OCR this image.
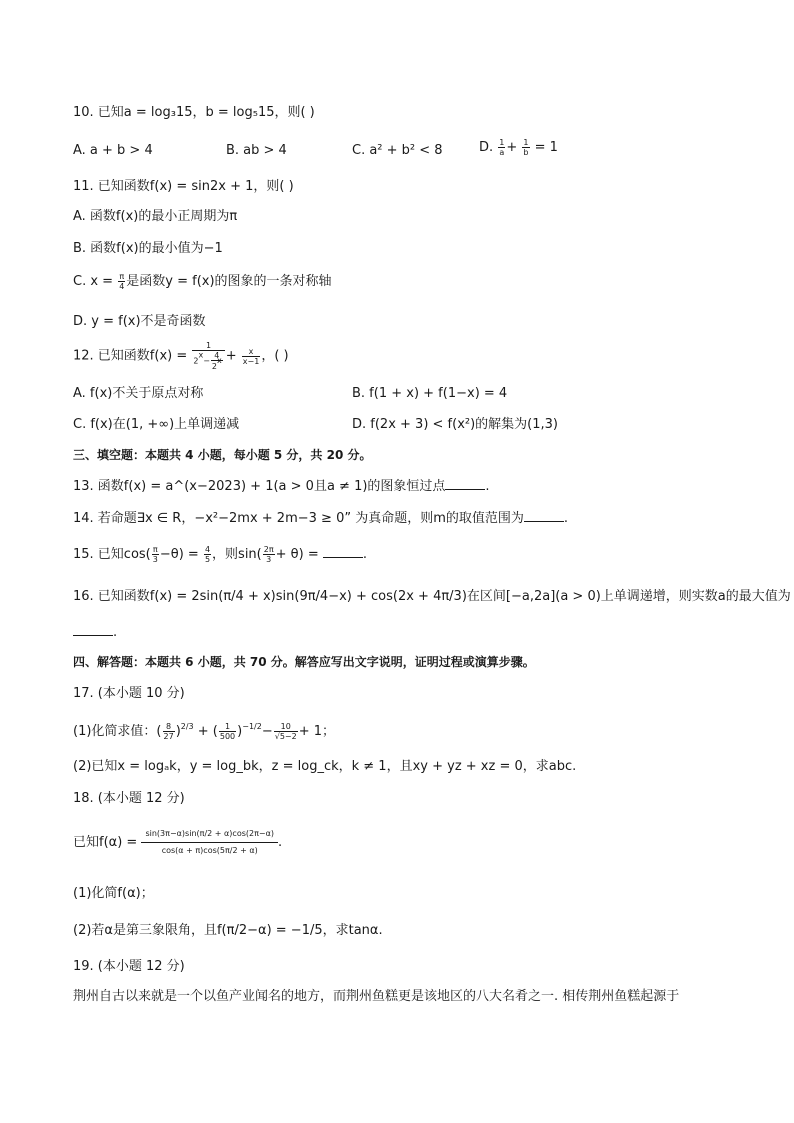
10. 已知a = log₃15，b = log₅15，则( )
A. a + b > 4	B. ab > 4	C. a² + b² < 8	D. $\frac{1}{a} + \frac{1}{b} = 1$
11. 已知函数f(x) = sin2x + 1，则( )
A. 函数f(x)的最小正周期为π
B. 函数f(x)的最小值为−1
C. $x = \frac{\pi}{4}$ 是函数y = f(x)的图象的一条对称轴
D. y = f(x)不是奇函数
12. 已知函数$f(x) = \frac{1}{2^x- \frac{4}{2^x}} + \frac{x}{x-1}$ ，( )
A. f(x)不关于原点对称	B. f(1 + x) + f(1−x) = 4
C. f(x)在(1, +∞)上单调递减	D. f(2x + 3) < f(x²)的解集为(1,3)
三、填空题：本题共 4 小题，每小题 5 分，共 20 分。
13. 函数f(x) = a^(x−2023) + 1(a > 0且a ≠ 1)的图象恒过点	.
14. 若命题∃x ∈ R，−x²−2mx + 2m−3 ≥ 0” 为真命题，则m的取值范围为	.
15. 已知$\cos( \frac{\pi}{3} -\theta) = \frac{4}{5}$ ，则$\sin( \frac{2\pi}{3} + \theta)$ =	.
16. 已知函数f(x) = 2sin(π/4 + x)sin(9π/4−x) + cos(2x + 4π/3)在区间[−a,2a](a > 0)上单调递增，则实数a的最大值为
.
四、解答题：本题共 6 小题，共 70 分。解答应写出文字说明，证明过程或演算步骤。
17. (本小题 10 分)
(1)化简求值：( $\frac{8}{27} )^{2/3}$ + ( $\frac{1}{500} )^{-1/2}- \frac{10}{√5-2} + 1$；
(2)已知x = logₐk，y = log_bk，z = log_ck，k ≠ 1，且xy + yz + xz = 0，求abc.
18. (本小题 12 分)
已知$f(\alpha) = \frac{\sin(3\pi-\alpha)\sin(\pi/2 + \alpha)\cos(2\pi-\alpha)}{\cos(\alpha + \pi)\cos(5\pi/2 + \alpha)}$ .
(1)化简f(α)；
(2)若α是第三象限角，且f(π/2−α) = −1/5，求tanα.
19. (本小题 12 分)
荆州自古以来就是一个以鱼产业闻名的地方，而荆州鱼糕更是该地区的八大名肴之一. 相传荆州鱼糕起源于
